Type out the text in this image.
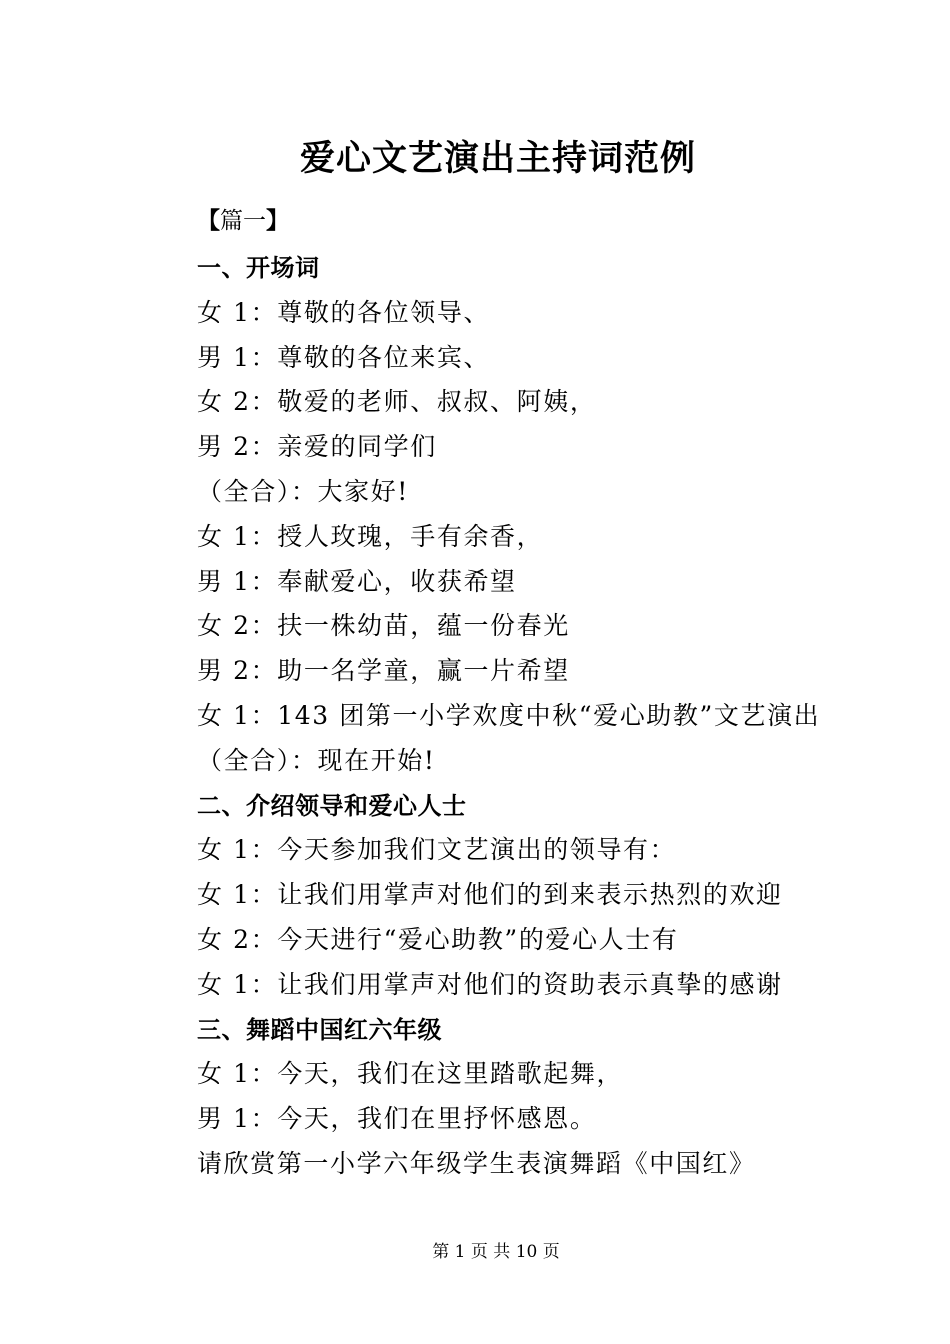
爱心文艺演出主持词范例
【篇一】
一、开场词
女 1：尊敬的各位领导、
男 1：尊敬的各位来宾、
女 2：敬爱的老师、叔叔、阿姨，
男 2：亲爱的同学们
（全合）：大家好!
女 1：授人玫瑰，手有余香，
男 1：奉献爱心，收获希望
女 2：扶一株幼苗，蕴一份春光
男 2：助一名学童，赢一片希望
女 1：143 团第一小学欢度中秋“爱心助教”文艺演出
（全合）：现在开始!
二、介绍领导和爱心人士
女 1：今天参加我们文艺演出的领导有：
女 1：让我们用掌声对他们的到来表示热烈的欢迎
女 2：今天进行“爱心助教”的爱心人士有
女 1：让我们用掌声对他们的资助表示真挚的感谢
三、舞蹈中国红六年级
女 1：今天，我们在这里踏歌起舞，
男 1：今天，我们在里抒怀感恩。
请欣赏第一小学六年级学生表演舞蹈《中国红》
第 1 页 共 10 页
